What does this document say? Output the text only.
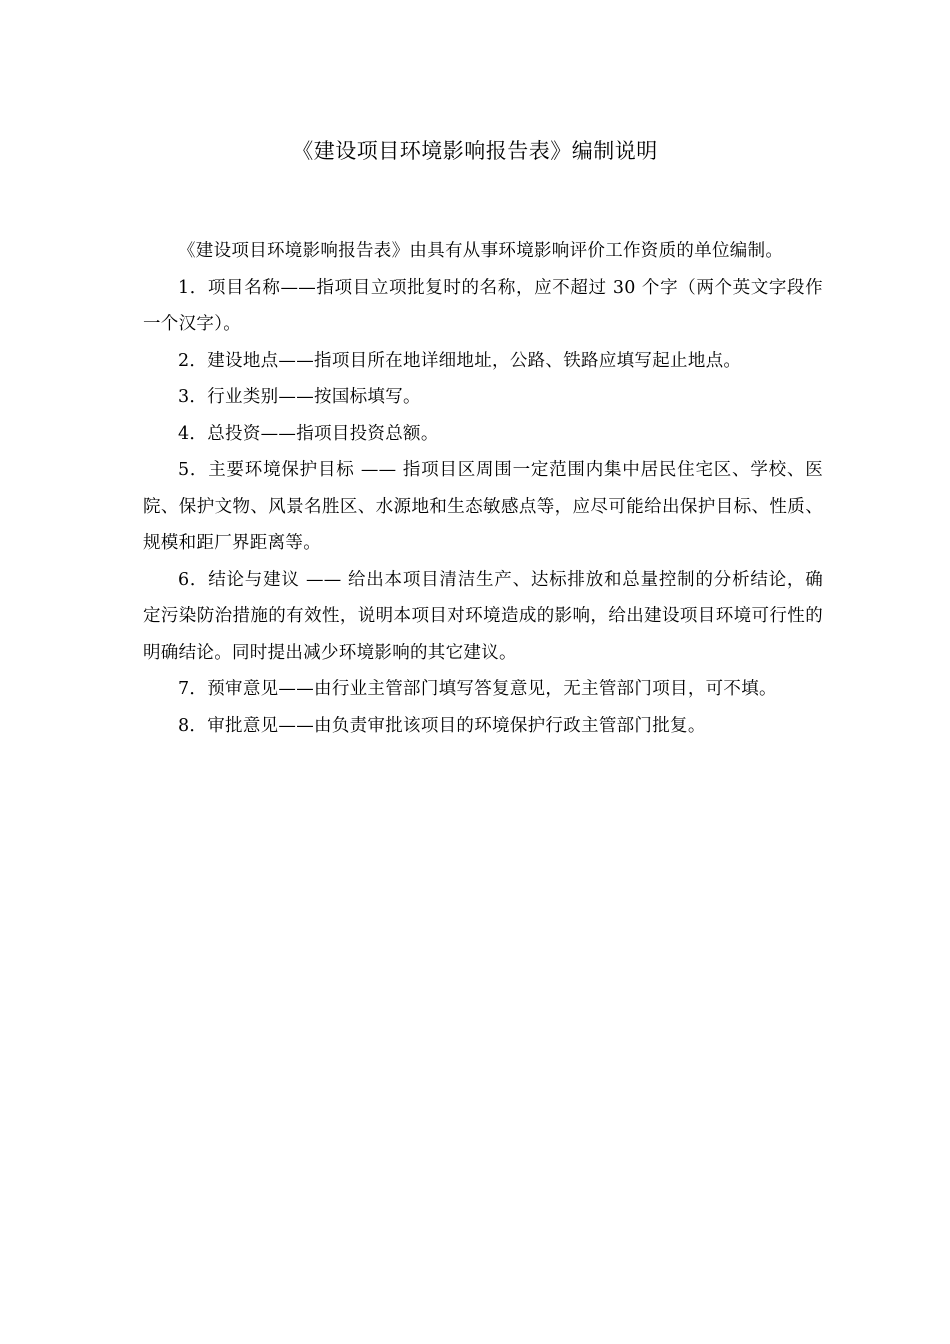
《建设项目环境影响报告表》编制说明

《建设项目环境影响报告表》由具有从事环境影响评价工作资质的单位编制。

1．项目名称——指项目立项批复时的名称，应不超过 30 个字（两个英文字段作一个汉字）。

2．建设地点——指项目所在地详细地址，公路、铁路应填写起止地点。

3．行业类别——按国标填写。

4．总投资——指项目投资总额。

5．主要环境保护目标 —— 指项目区周围一定范围内集中居民住宅区、学校、医院、保护文物、风景名胜区、水源地和生态敏感点等，应尽可能给出保护目标、性质、规模和距厂界距离等。

6．结论与建议 —— 给出本项目清洁生产、达标排放和总量控制的分析结论，确定污染防治措施的有效性，说明本项目对环境造成的影响，给出建设项目环境可行性的明确结论。同时提出减少环境影响的其它建议。

7．预审意见——由行业主管部门填写答复意见，无主管部门项目，可不填。

8．审批意见——由负责审批该项目的环境保护行政主管部门批复。
